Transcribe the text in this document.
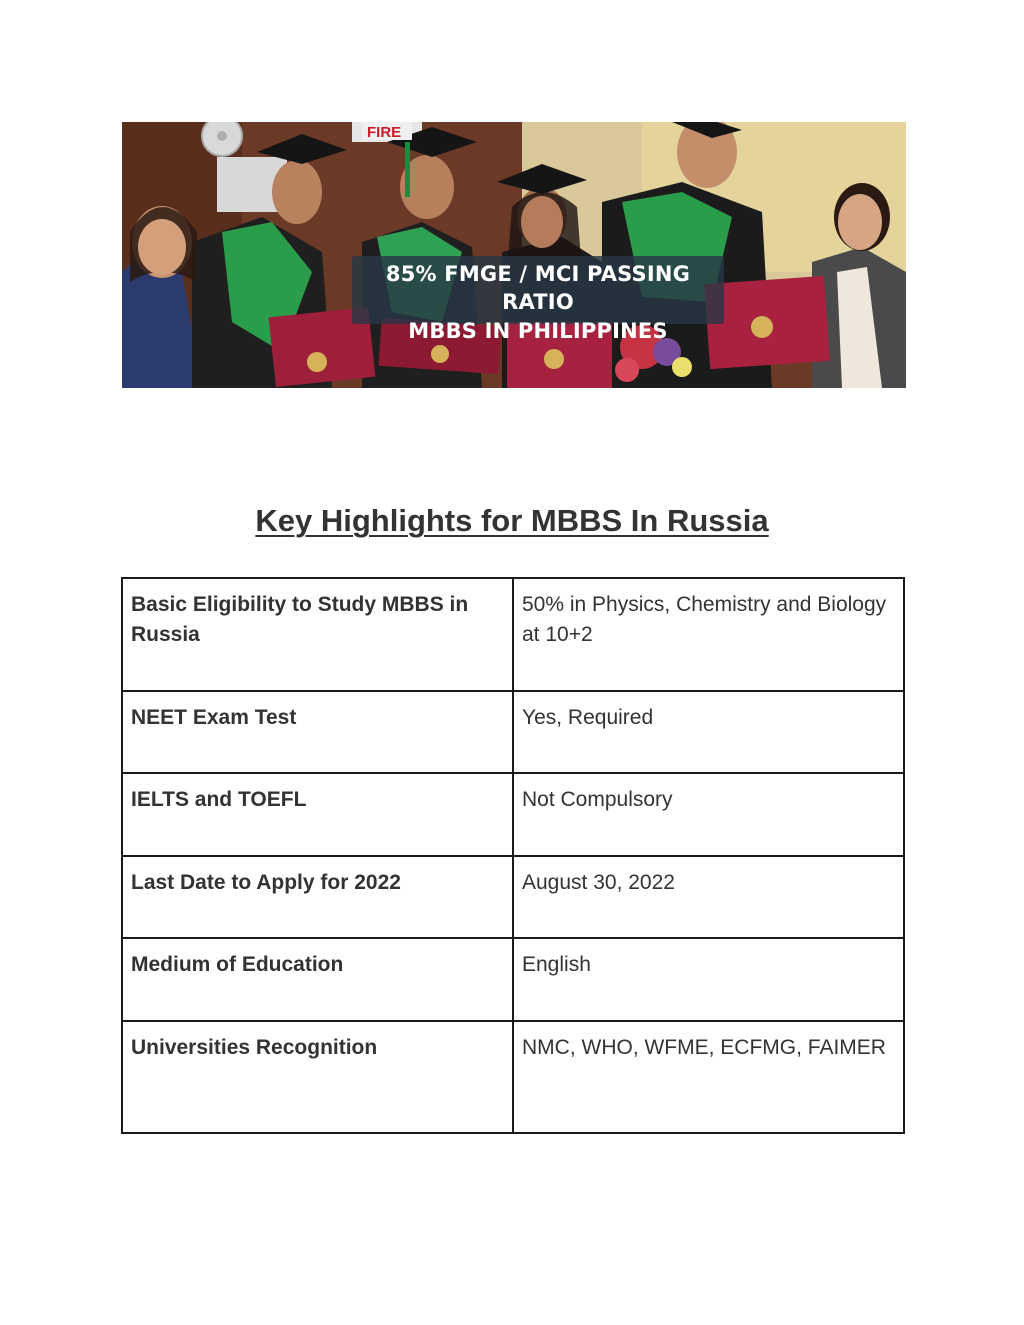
FIRE
85% FMGE / MCI PASSING RATIO
MBBS IN PHILIPPINES
Key Highlights for MBBS In Russia
Basic Eligibility to Study MBBS in Russia	50% in Physics, Chemistry and Biology at 10+2
NEET Exam Test	Yes, Required
IELTS and TOEFL	Not Compulsory
Last Date to Apply for 2022	August 30, 2022
Medium of Education	English
Universities Recognition	NMC, WHO, WFME, ECFMG, FAIMER
